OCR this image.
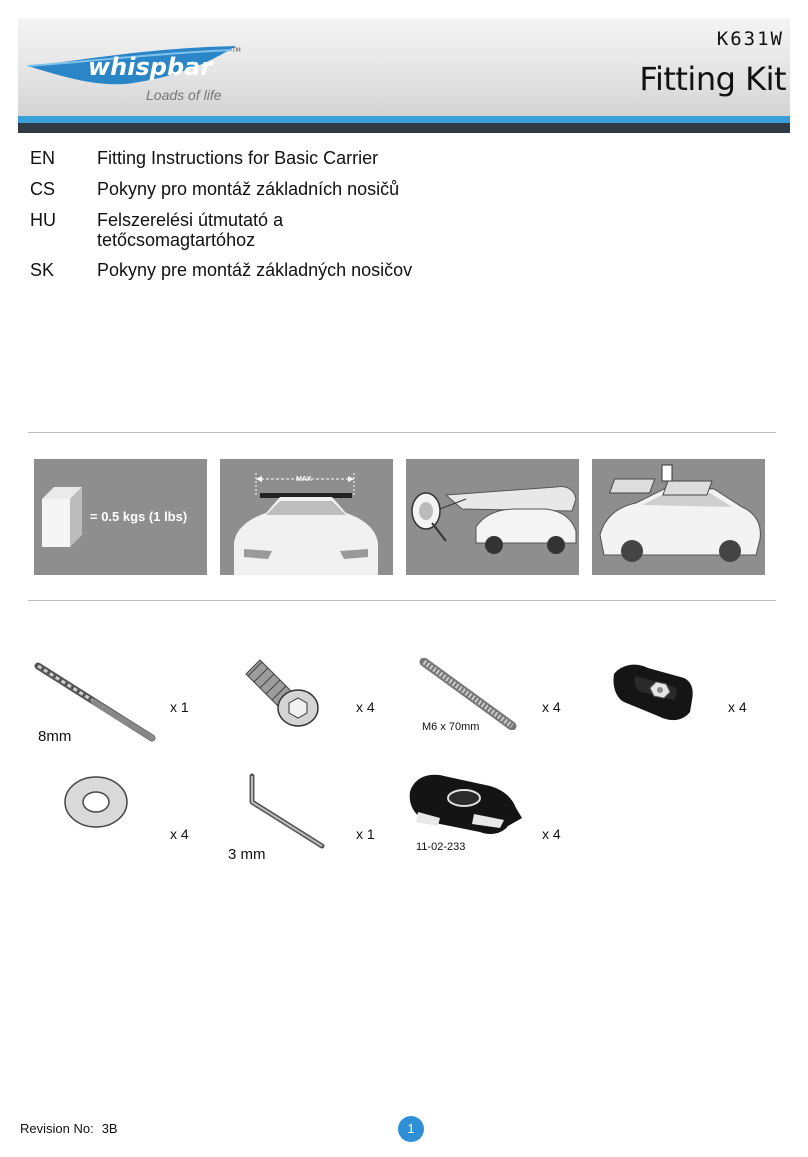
whispbar
TM
Loads of life
K631W
Fitting Kit
EN	Fitting Instructions for Basic Carrier
CS	Pokyny pro montáž základních nosičů
HU	Felszerelési útmutató a tetőcsomagtartóhoz
SK	Pokyny pre montáž základných nosičov
= 0.5 kgs (1 lbs)
MAX
8mm
x 1	x 4
M6 x 70mm
x 4	x 4
x 4
3 mm
x 1
11-02-233
x 4
Revision No: 3B	1
